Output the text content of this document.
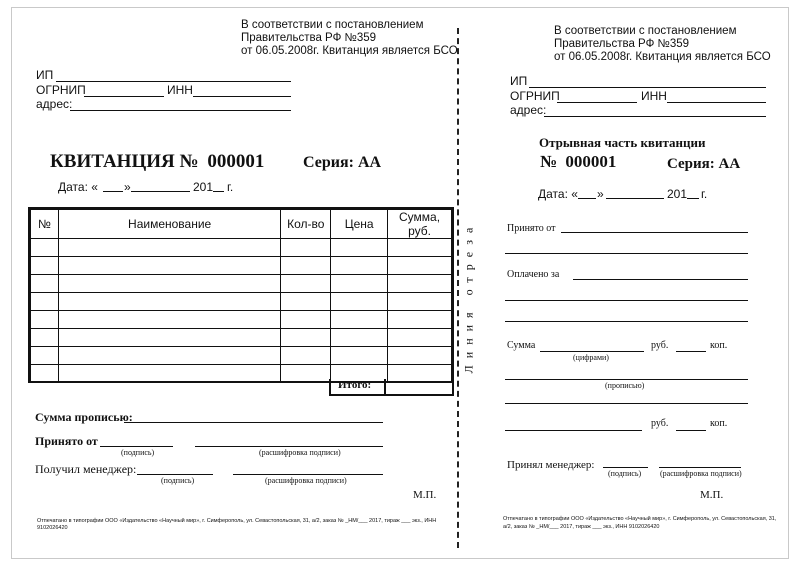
В соответствии с постановлением
Правительства РФ №359
от 06.05.2008г. Квитанция является БСО
ИП
ОГРНИП	ИНН
адрес:
КВИТАНЦИЯ № 000001 Серия: АА
Дата: « »	201 г.
№	Наименование	Кол-во	Цена	Сумма, руб.

Итого:
Сумма прописью:
Принято от
(подпись)	(расшифровка подписи)
Получил менеджер:
(подпись)	(расшифровка подписи)
М.П.
Отпечатано в типографии ООО «Издательство «Научный мир», г. Симферополь, ул. Севастопольская, 31, а/2, заказ № _НМ/___ 2017, тираж ___ экз., ИНН 9102026420
Линия отреза
В соответствии с постановлением
Правительства РФ №359
от 06.05.2008г. Квитанция является БСО
ИП
ОГРНИП	ИНН
адрес:
Отрывная часть квитанции
№ 000001	Серия: АА
Дата: « »	201 г.
Принято от
Оплачено за
Сумма
(цифрами)
руб.	коп.
(прописью)
руб.	коп.
Принял менеджер:
(подпись) (расшифровка подписи)
М.П.
Отпечатано в типографии ООО «Издательство «Научный мир», г. Симферополь, ул. Севастопольская, 31, а/2, заказ № _НМ/___ 2017, тираж ___ экз., ИНН 9102026420
